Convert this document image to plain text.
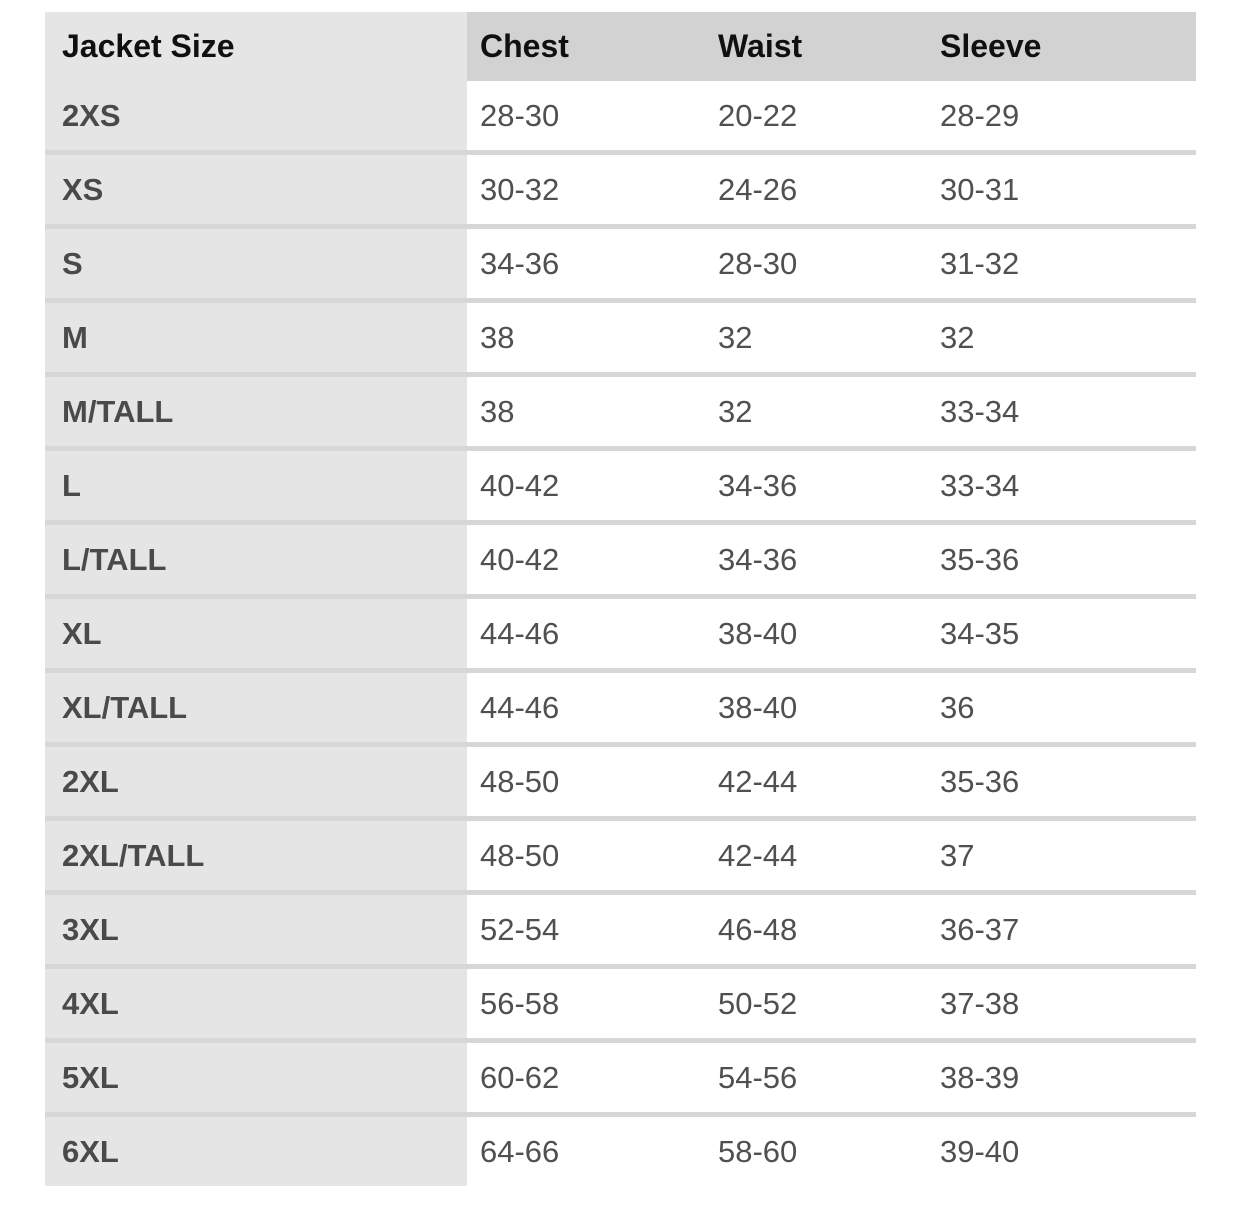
Jacket Size	Chest	Waist	Sleeve
2XS	28-30	20-22	28-29
XS	30-32	24-26	30-31
S	34-36	28-30	31-32
M	38	32	32
M/TALL	38	32	33-34
L	40-42	34-36	33-34
L/TALL	40-42	34-36	35-36
XL	44-46	38-40	34-35
XL/TALL	44-46	38-40	36
2XL	48-50	42-44	35-36
2XL/TALL	48-50	42-44	37
3XL	52-54	46-48	36-37
4XL	56-58	50-52	37-38
5XL	60-62	54-56	38-39
6XL	64-66	58-60	39-40
